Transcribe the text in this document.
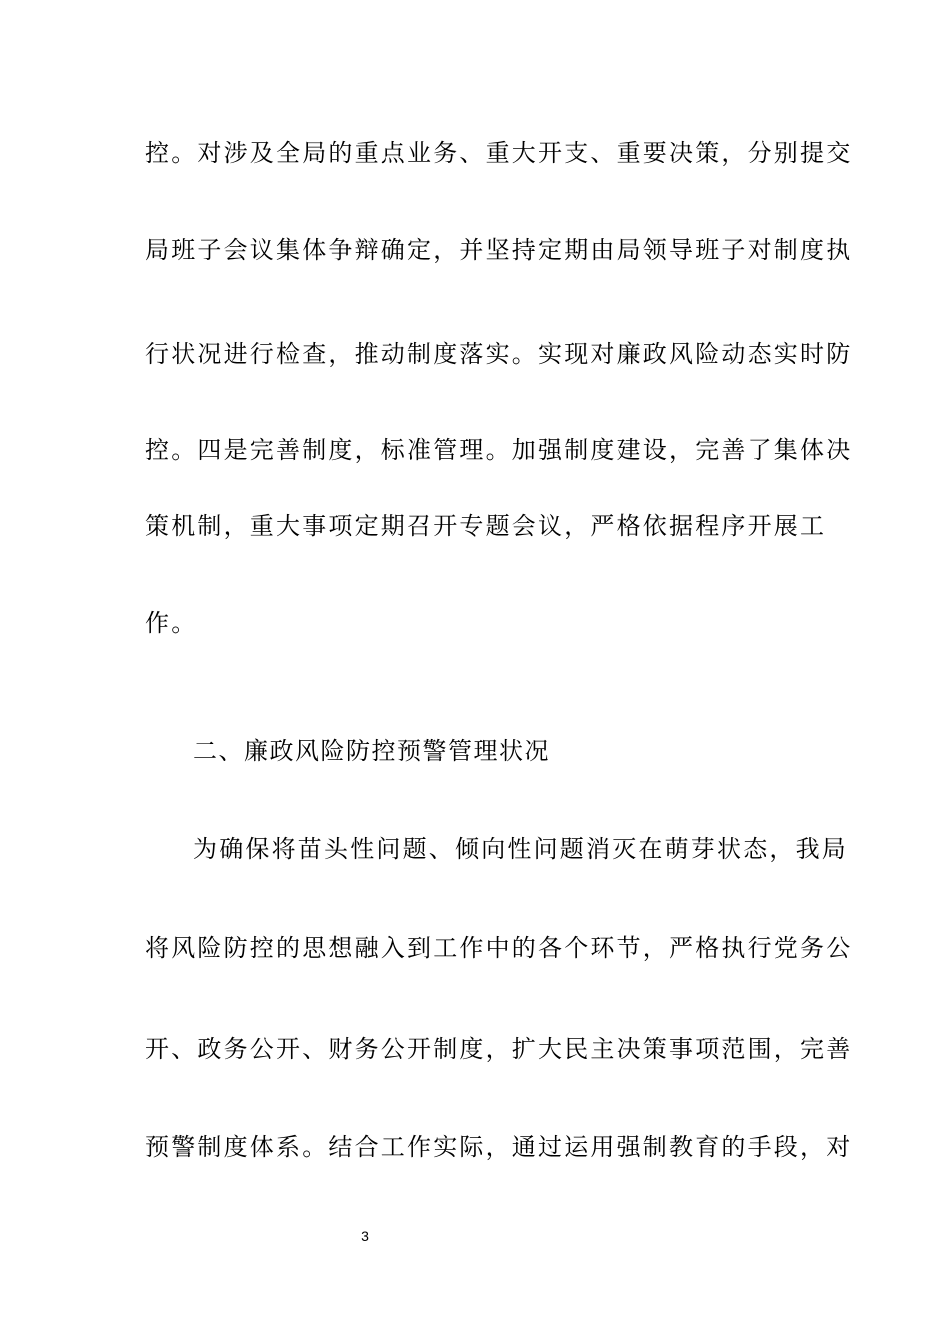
控。对涉及全局的重点业务、重大开支、重要决策，分别提交
局班子会议集体争辩确定，并坚持定期由局领导班子对制度执
行状况进行检查，推动制度落实。实现对廉政风险动态实时防
控。四是完善制度，标准管理。加强制度建设，完善了集体决
策机制，重大事项定期召开专题会议，严格依据程序开展工
作。
二、廉政风险防控预警管理状况
为确保将苗头性问题、倾向性问题消灭在萌芽状态，我局
将风险防控的思想融入到工作中的各个环节，严格执行党务公
开、政务公开、财务公开制度，扩大民主决策事项范围，完善
预警制度体系。结合工作实际，通过运用强制教育的手段，对
3
